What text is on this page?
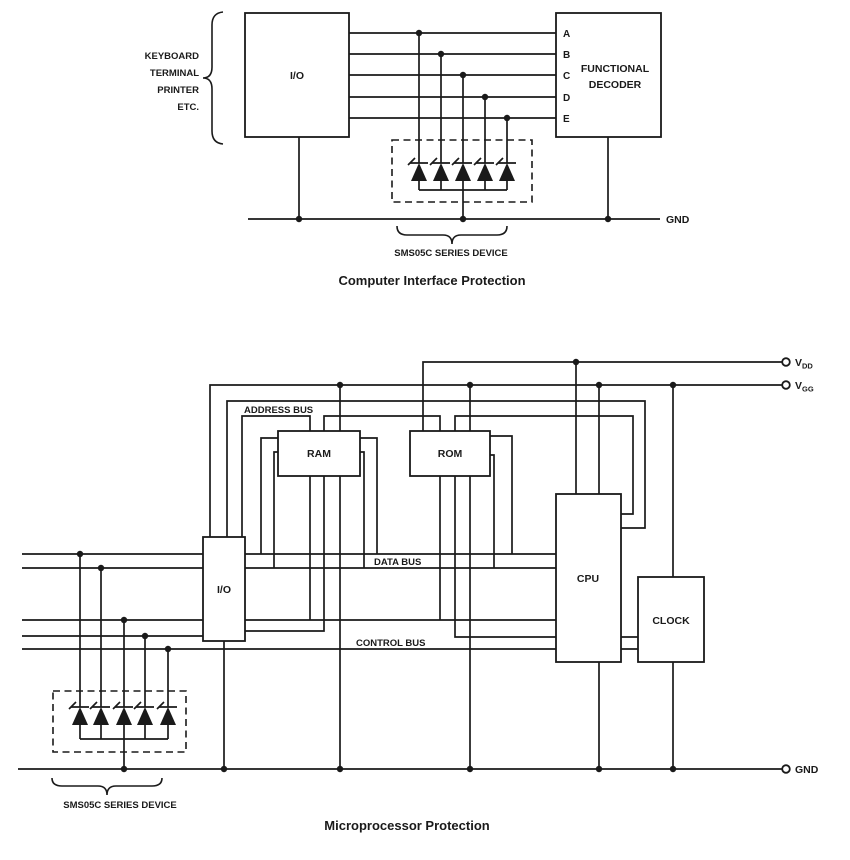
I/O
FUNCTIONAL
DECODER
A
B
C
D
E
KEYBOARD
TERMINAL
PRINTER
ETC.
SMS05C SERIES DEVICE
GND
$V_{DD}$
$V_{GG}$
GND
I/O
RAM	ROM
CPU
CLOCK
ADDRESS BUS
DATA BUS
CONTROL BUS
SMS05C SERIES DEVICE
Computer Interface Protection
Microprocessor Protection
